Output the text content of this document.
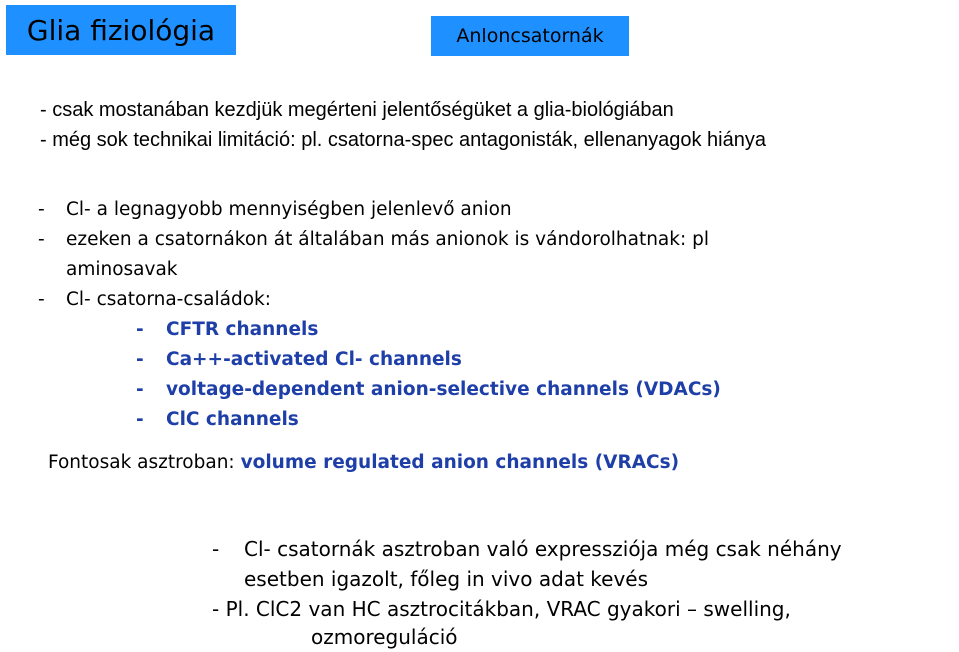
Glia fiziológia	Anloncsatornák
- csak mostanában kezdjük megérteni jelentőségüket a glia-biológiában
- még sok technikai limitáció: pl. csatorna-spec antagonisták, ellenanyagok hiánya
- Cl- a legnagyobb mennyiségben jelenlevő anion
- ezeken a csatornákon át általában más anionok is vándorolhatnak: pl
aminosavak
- Cl- csatorna-családok:
- CFTR channels
- Ca++-activated Cl- channels
- voltage-dependent anion-selective channels (VDACs)
- ClC channels
Fontosak asztroban: volume regulated anion channels (VRACs)
- Cl- csatornák asztroban való expressziója még csak néhány
esetben igazolt, főleg in vivo adat kevés
- Pl. ClC2 van HC asztrocitákban, VRAC gyakori – swelling,
ozmoreguláció
